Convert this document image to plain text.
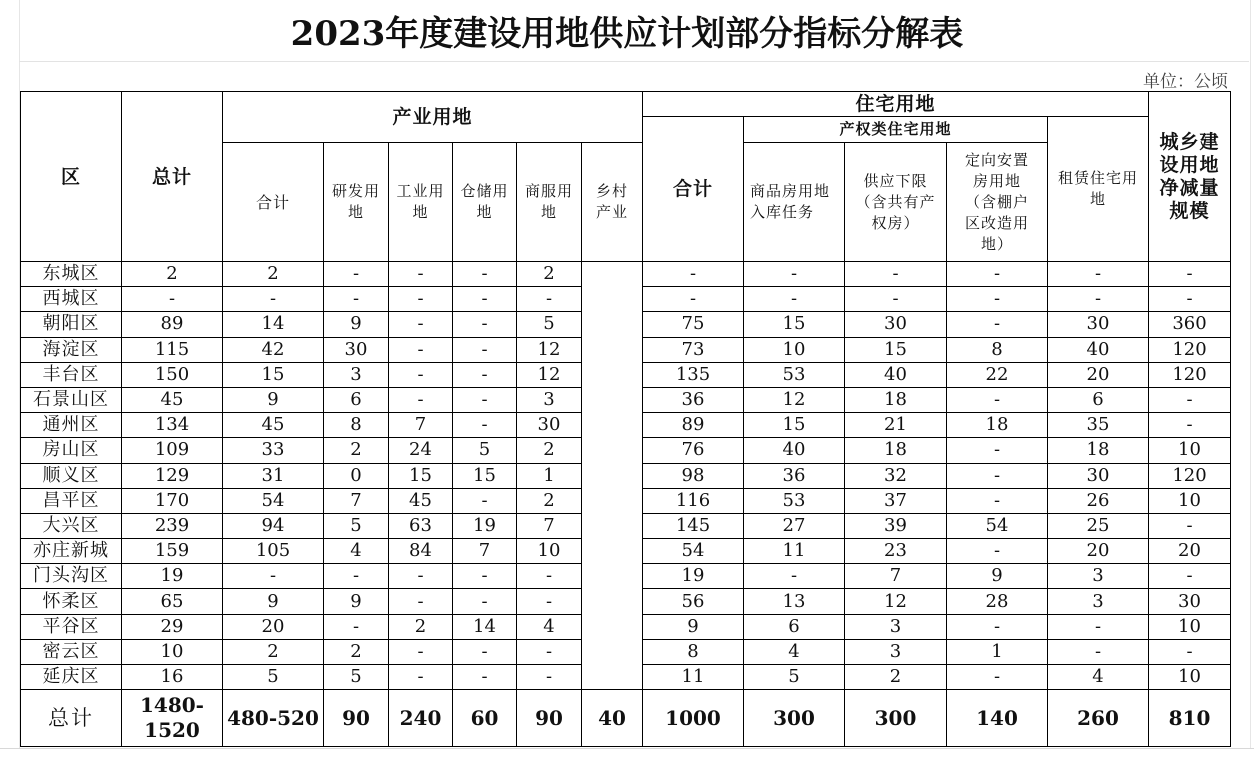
2023年度建设用地供应计划部分指标分解表
单位：公顷
区	总计	产业用地						住宅用地					城乡建设用地净减量规模
								合计	产权类住宅用地			租赁住宅用地	
		合计	研发用地	工业用地	仓储用地	商服用地	乡村产业		商品房用地入库任务	供应下限（含共有产权房）	定向安置房用地（含棚户区改造用地）		
东城区	2	2	-	-	-	2		-	-	-	-	-	-
西城区	-	-	-	-	-	-		-	-	-	-	-	-
朝阳区	89	14	9	-	-	5		75	15	30	-	30	360
海淀区	115	42	30	-	-	12		73	10	15	8	40	120
丰台区	150	15	3	-	-	12		135	53	40	22	20	120
石景山区	45	9	6	-	-	3		36	12	18	-	6	-
通州区	134	45	8	7	-	30		89	15	21	18	35	-
房山区	109	33	2	24	5	2		76	40	18	-	18	10
顺义区	129	31	0	15	15	1		98	36	32	-	30	120
昌平区	170	54	7	45	-	2		116	53	37	-	26	10
大兴区	239	94	5	63	19	7		145	27	39	54	25	-
亦庄新城	159	105	4	84	7	10		54	11	23	-	20	20
门头沟区	19	-	-	-	-	-		19	-	7	9	3	-
怀柔区	65	9	9	-	-	-		56	13	12	28	3	30
平谷区	29	20	-	2	14	4		9	6	3	-	-	10
密云区	10	2	2	-	-	-		8	4	3	1	-	-
延庆区	16	5	5	-	-	-		11	5	2	-	4	10
总计	1480-1520	480-520	90	240	60	90	40	1000	300	300	140	260	810
